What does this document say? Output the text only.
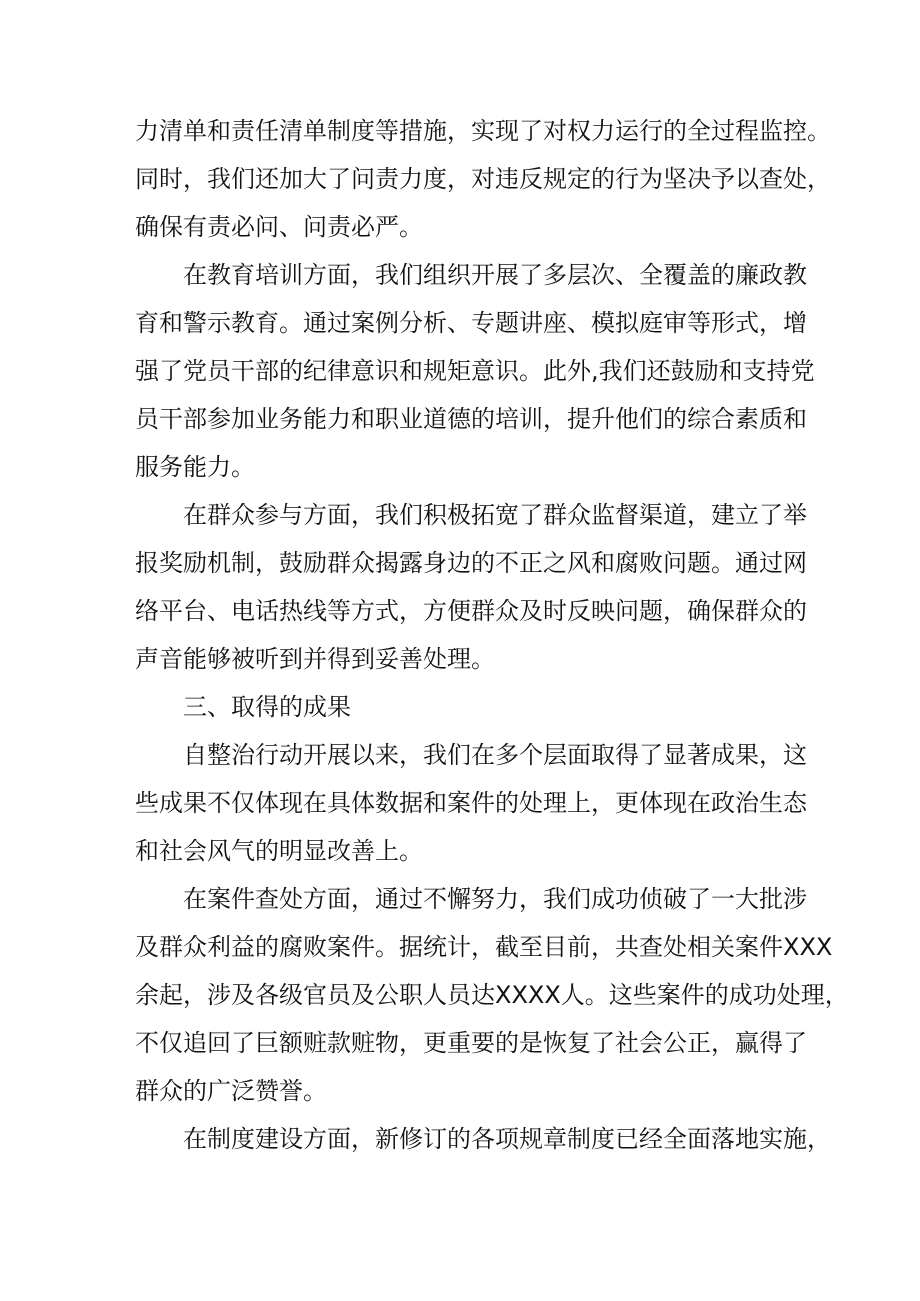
力清单和责任清单制度等措施，实现了对权力运行的全过程监控。
同时，我们还加大了问责力度，对违反规定的行为坚决予以查处，
确保有责必问、问责必严。
在教育培训方面，我们组织开展了多层次、全覆盖的廉政教
育和警示教育。通过案例分析、专题讲座、模拟庭审等形式，增
强了党员干部的纪律意识和规矩意识。此外,我们还鼓励和支持党
员干部参加业务能力和职业道德的培训，提升他们的综合素质和
服务能力。
在群众参与方面，我们积极拓宽了群众监督渠道，建立了举
报奖励机制，鼓励群众揭露身边的不正之风和腐败问题。通过网
络平台、电话热线等方式，方便群众及时反映问题，确保群众的
声音能够被听到并得到妥善处理。
三、取得的成果
自整治行动开展以来，我们在多个层面取得了显著成果，这
些成果不仅体现在具体数据和案件的处理上，更体现在政治生态
和社会风气的明显改善上。
在案件查处方面，通过不懈努力，我们成功侦破了一大批涉
及群众利益的腐败案件。据统计，截至目前，共查处相关案件XXX
余起，涉及各级官员及公职人员达XXXX人。这些案件的成功处理，
不仅追回了巨额赃款赃物，更重要的是恢复了社会公正，赢得了
群众的广泛赞誉。
在制度建设方面，新修订的各项规章制度已经全面落地实施，
